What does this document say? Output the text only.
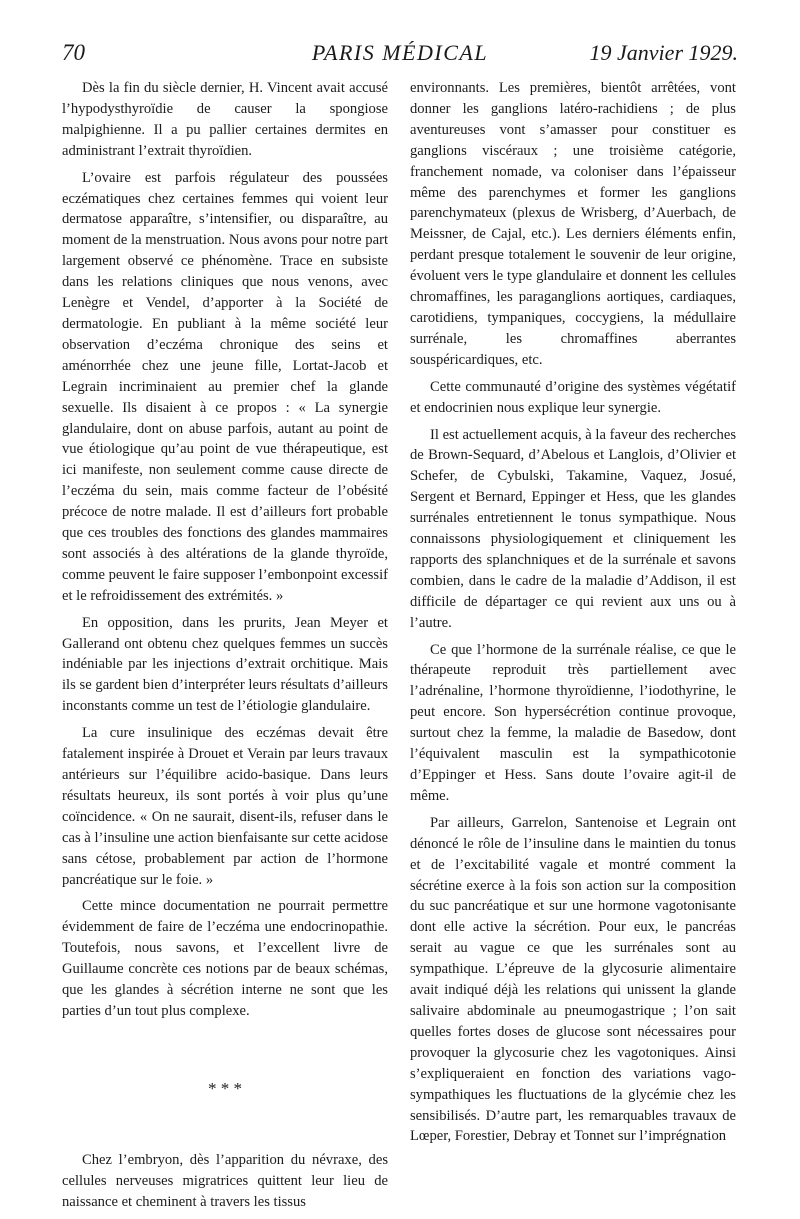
70	PARIS MÉDICAL	19 Janvier 1929.

Dès la fin du siècle dernier, H. Vincent avait accusé l’hypodysthyroïdie de causer la spongiose malpighienne. Il a pu pallier certaines dermites en administrant l’extrait thyroïdien.

L’ovaire est parfois régulateur des poussées eczématiques chez certaines femmes qui voient leur dermatose apparaître, s’intensifier, ou disparaître, au moment de la menstruation. Nous avons pour notre part largement observé ce phénomène. Trace en subsiste dans les relations cliniques que nous venons, avec Lenègre et Vendel, d’apporter à la Société de dermatologie. En publiant à la même société leur observation d’eczéma chronique des seins et aménorrhée chez une jeune fille, Lortat-Jacob et Legrain incriminaient au premier chef la glande sexuelle. Ils disaient à ce propos : « La synergie glandulaire, dont on abuse parfois, autant au point de vue étiologique qu’au point de vue thérapeutique, est ici manifeste, non seulement comme cause directe de l’eczéma du sein, mais comme facteur de l’obésité précoce de notre malade. Il est d’ailleurs fort probable que ces troubles des fonctions des glandes mammaires sont associés à des altérations de la glande thyroïde, comme peuvent le faire supposer l’embonpoint excessif et le refroidissement des extrémités. »

En opposition, dans les prurits, Jean Meyer et Gallerand ont obtenu chez quelques femmes un succès indéniable par les injections d’extrait orchitique. Mais ils se gardent bien d’interpréter leurs résultats d’ailleurs inconstants comme un test de l’étiologie glandulaire.

La cure insulinique des eczémas devait être fatalement inspirée à Drouet et Verain par leurs travaux antérieurs sur l’équilibre acido-basique. Dans leurs résultats heureux, ils sont portés à voir plus qu’une coïncidence. « On ne saurait, disent-ils, refuser dans le cas à l’insuline une action bienfaisante sur cette acidose sans cétose, probablement par action de l’hormone pancréatique sur le foie. »

Cette mince documentation ne pourrait permettre évidemment de faire de l’eczéma une endocrinopathie. Toutefois, nous savons, et l’excellent livre de Guillaume concrète ces notions par de beaux schémas, que les glandes à sécrétion interne ne sont que les parties d’un tout plus complexe.

* * *

Chez l’embryon, dès l’apparition du névraxe, des cellules nerveuses migratrices quittent leur lieu de naissance et cheminent à travers les tissus

environnants. Les premières, bientôt arrêtées, vont donner les ganglions latéro-rachidiens ; de plus aventureuses vont s’amasser pour constituer es ganglions viscéraux ; une troisième catégorie, franchement nomade, va coloniser dans l’épaisseur même des parenchymes et former les ganglions parenchymateux (plexus de Wrisberg, d’Auerbach, de Meissner, de Cajal, etc.). Les derniers éléments enfin, perdant presque totalement le souvenir de leur origine, évoluent vers le type glandulaire et donnent les cellules chromaffines, les paraganglions aortiques, cardiaques, carotidiens, tympaniques, coccygiens, la médullaire surrénale, les chromaffines aberrantes souspéricardiques, etc.

Cette communauté d’origine des systèmes végétatif et endocrinien nous explique leur synergie.

Il est actuellement acquis, à la faveur des recherches de Brown-Sequard, d’Abelous et Langlois, d’Olivier et Schefer, de Cybulski, Takamine, Vaquez, Josué, Sergent et Bernard, Eppinger et Hess, que les glandes surrénales entretiennent le tonus sympathique. Nous connaissons physiologiquement et cliniquement les rapports des splanchniques et de la surrénale et savons combien, dans le cadre de la maladie d’Addison, il est difficile de départager ce qui revient aux uns ou à l’autre.

Ce que l’hormone de la surrénale réalise, ce que le thérapeute reproduit très partiellement avec l’adrénaline, l’hormone thyroïdienne, l’iodothyrine, le peut encore. Son hypersécrétion continue provoque, surtout chez la femme, la maladie de Basedow, dont l’équivalent masculin est la sympathicotonie d’Eppinger et Hess. Sans doute l’ovaire agit-il de même.

Par ailleurs, Garrelon, Santenoise et Legrain ont dénoncé le rôle de l’insuline dans le maintien du tonus et de l’excitabilité vagale et montré comment la sécrétine exerce à la fois son action sur la composition du suc pancréatique et sur une hormone vagotonisante dont elle active la sécrétion. Pour eux, le pancréas serait au vague ce que les surrénales sont au sympathique. L’épreuve de la glycosurie alimentaire avait indiqué déjà les relations qui unissent la glande salivaire abdominale au pneumogastrique ; l’on sait quelles fortes doses de glucose sont nécessaires pour provoquer la glycosurie chez les vagotoniques. Ainsi s’expliqueraient en fonction des variations vago-sympathiques les fluctuations de la glycémie chez les sensibilisés. D’autre part, les remarquables travaux de Lœper, Forestier, Debray et Tonnet sur l’imprégnation
